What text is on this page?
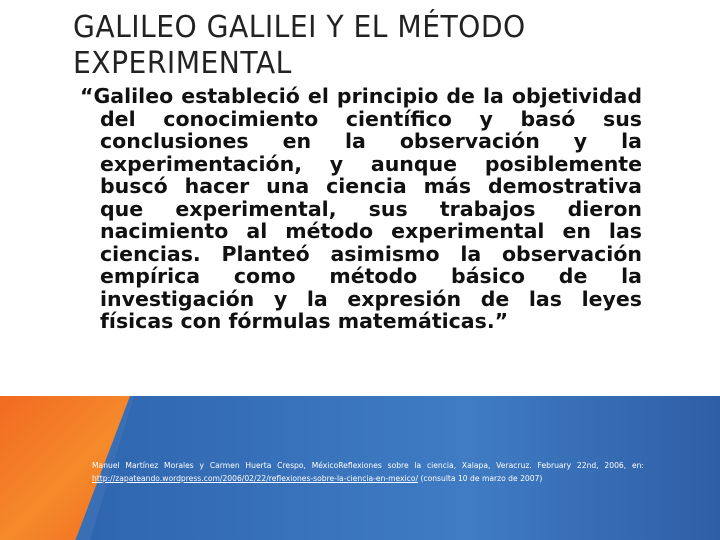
GALILEO GALILEI Y EL MÉTODO EXPERIMENTAL
“Galileo estableció el principio de la objetividad del conocimiento científico y basó sus conclusiones en la observación y la experimentación, y aunque posiblemente buscó hacer una ciencia más demostrativa que experimental, sus trabajos dieron nacimiento al método experimental en las ciencias. Planteó asimismo la observación empírica como método básico de la investigación y la expresión de las leyes físicas con fórmulas matemáticas.”
Manuel Martínez Morales y Carmen Huerta Crespo, MéxicoReflexiones sobre la ciencia, Xalapa, Veracruz. February 22nd, 2006, en: http://zapateando.wordpress.com/2006/02/22/reflexiones-sobre-la-ciencia-en-mexico/ (consulta 10 de marzo de 2007)
